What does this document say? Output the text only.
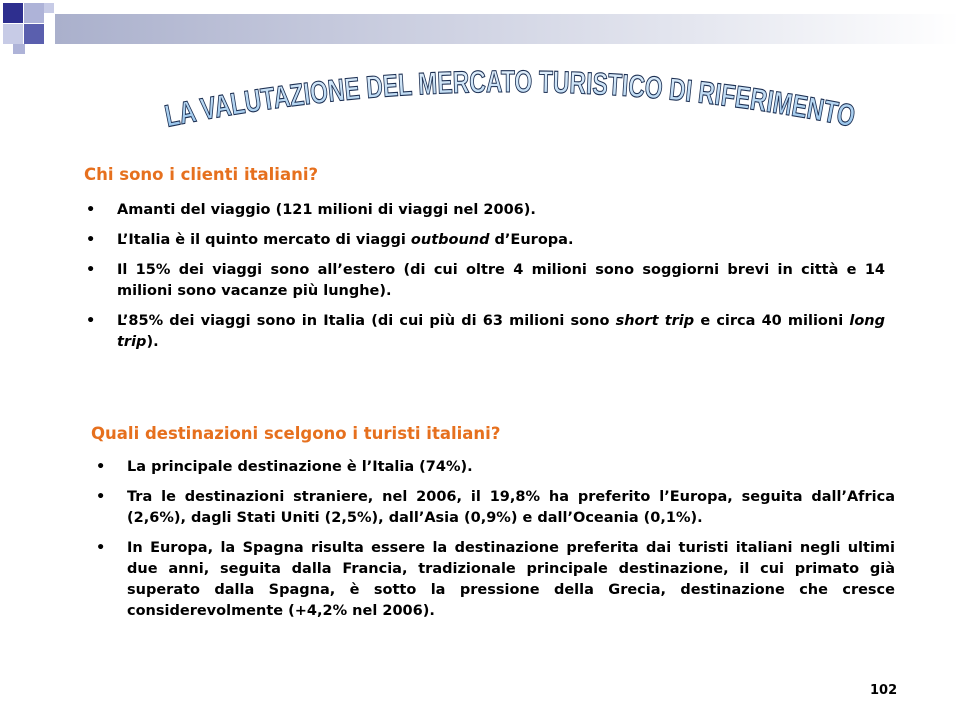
LA VALUTAZIONE DEL MERCATO TURISTICO DI RIFERIMENTO
Chi sono i clienti italiani?
• Amanti del viaggio (121 milioni di viaggi nel 2006).
• L’Italia è il quinto mercato di viaggi outbound d’Europa.
• Il 15% dei viaggi sono all’estero (di cui oltre 4 milioni sono soggiorni brevi in città e 14 milioni sono vacanze più lunghe).
• L’85% dei viaggi sono in Italia (di cui più di 63 milioni sono short trip e circa 40 milioni long trip).
Quali destinazioni scelgono i turisti italiani?
• La principale destinazione è l’Italia (74%).
• Tra le destinazioni straniere, nel 2006, il 19,8% ha preferito l’Europa, seguita dall’Africa (2,6%), dagli Stati Uniti (2,5%), dall’Asia (0,9%) e dall’Oceania (0,1%).
• In Europa, la Spagna risulta essere la destinazione preferita dai turisti italiani negli ultimi due anni, seguita dalla Francia, tradizionale principale destinazione, il cui primato già superato dalla Spagna, è sotto la pressione della Grecia, destinazione che cresce considerevolmente (+4,2% nel 2006).
102
